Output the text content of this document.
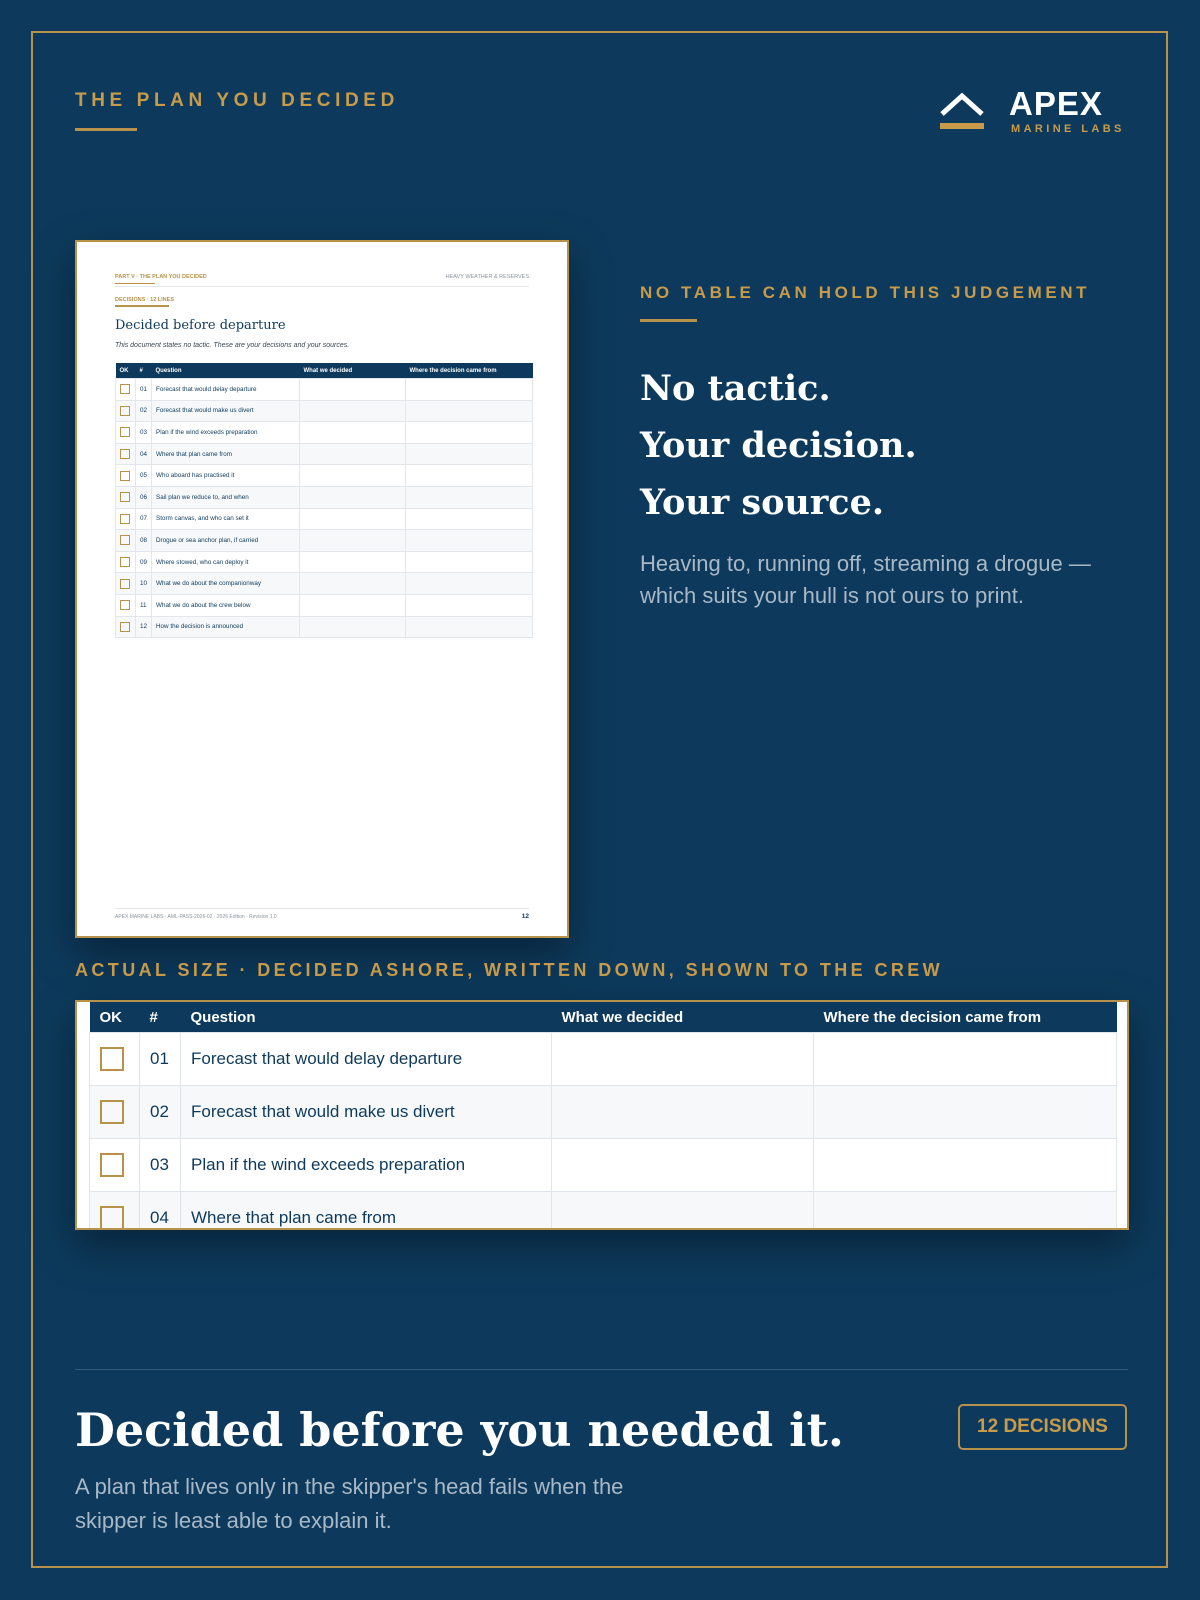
THE PLAN YOU DECIDED	APEX
MARINE LABS
PART V · THE PLAN YOU DECIDED	HEAVY WEATHER & RESERVES
DECISIONS · 12 LINES
Decided before departure
This document states no tactic. These are your decisions and your sources.
OK	#	Question	What we decided	Where the decision came from
	01	Forecast that would delay departure		
	02	Forecast that would make us divert		
	03	Plan if the wind exceeds preparation		
	04	Where that plan came from		
	05	Who aboard has practised it		
	06	Sail plan we reduce to, and when		
	07	Storm canvas, and who can set it		
	08	Drogue or sea anchor plan, if carried		
	09	Where stowed, who can deploy it		
	10	What we do about the companionway		
	11	What we do about the crew below		
	12	How the decision is announced		
APEX MARINE LABS · AML-PASS-2026-02 · 2026 Edition · Revision 1.0	12
NO TABLE CAN HOLD THIS JUDGEMENT
No tactic.
Your decision.
Your source.

Heaving to, running off, streaming a drogue — which suits your hull is not ours to print.

ACTUAL SIZE · DECIDED ASHORE, WRITTEN DOWN, SHOWN TO THE CREW
OK	#	Question	What we decided	Where the decision came from
	01	Forecast that would delay departure		
	02	Forecast that would make us divert		
	03	Plan if the wind exceeds preparation		
	04	Where that plan came from		
Decided before you needed it.

A plan that lives only in the skipper's head fails when the skipper is least able to explain it.

12 DECISIONS
